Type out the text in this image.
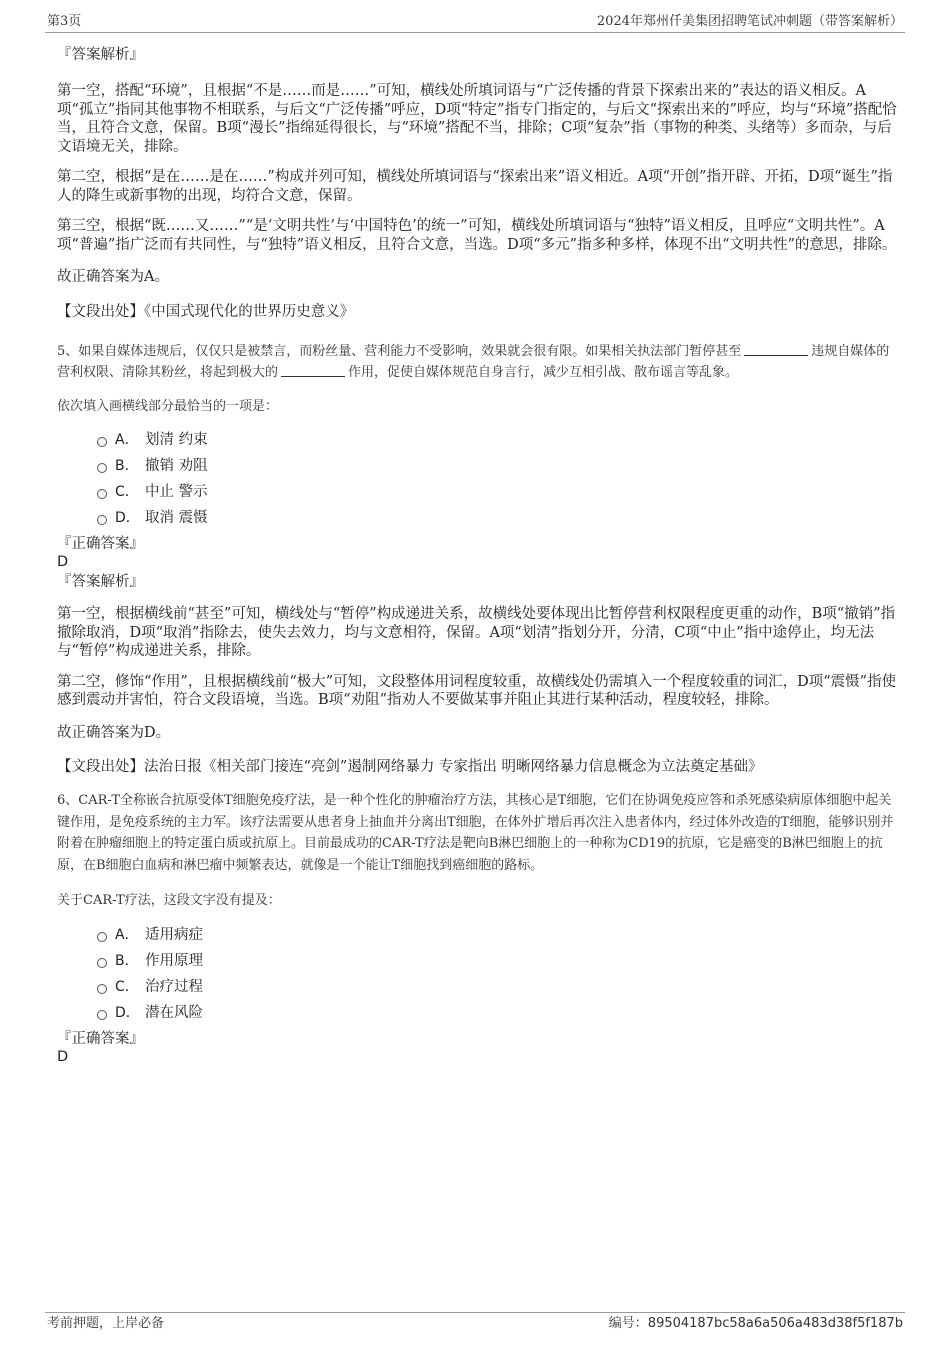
第3页	2024年郑州仟美集团招聘笔试冲刺题（带答案解析）

『答案解析』

第一空，搭配“环境”，且根据“不是……而是……”可知，横线处所填词语与“广泛传播的背景下探索出来的”表达的语义相反。A项“孤立”指同其他事物不相联系，与后文“广泛传播”呼应，D项“特定”指专门指定的，与后文“探索出来的”呼应，均与“环境”搭配恰当，且符合文意，保留。B项“漫长”指绵延得很长，与“环境”搭配不当，排除；C项“复杂”指（事物的种类、头绪等）多而杂，与后文语境无关，排除。

第二空，根据“是在……是在……”构成并列可知，横线处所填词语与“探索出来”语义相近。A项“开创”指开辟、开拓，D项“诞生”指人的降生或新事物的出现，均符合文意，保留。

第三空，根据“既……又……”“是‘文明共性’与‘中国特色’的统一”可知，横线处所填词语与“独特”语义相反，且呼应“文明共性”。A项“普遍”指广泛而有共同性，与“独特”语义相反，且符合文意，当选。D项“多元”指多种多样，体现不出“文明共性”的意思，排除。

故正确答案为A。

【文段出处】《中国式现代化的世界历史意义》

5、如果自媒体违规后，仅仅只是被禁言，而粉丝量、营利能力不受影响，效果就会很有限。如果相关执法部门暂停甚至	违规自媒体的营利权限、清除其粉丝，将起到极大的	作用，促使自媒体规范自身言行，减少互相引战、散布谣言等乱象。

依次填入画横线部分最恰当的一项是：

A． 划清 约束
B． 撤销 劝阻
C． 中止 警示
D． 取消 震慑

『正确答案』

D

『答案解析』

第一空，根据横线前“甚至”可知，横线处与“暂停”构成递进关系，故横线处要体现出比暂停营利权限程度更重的动作，B项“撤销”指撤除取消，D项“取消”指除去，使失去效力，均与文意相符，保留。A项“划清”指划分开，分清，C项“中止”指中途停止，均无法与“暂停”构成递进关系，排除。

第二空，修饰“作用”，且根据横线前“极大”可知，文段整体用词程度较重，故横线处仍需填入一个程度较重的词汇，D项“震慑”指使感到震动并害怕，符合文段语境，当选。B项“劝阻”指劝人不要做某事并阻止其进行某种活动，程度较轻，排除。

故正确答案为D。

【文段出处】法治日报《相关部门接连“亮剑”遏制网络暴力 专家指出 明晰网络暴力信息概念为立法奠定基础》

6、CAR-T全称嵌合抗原受体T细胞免疫疗法，是一种个性化的肿瘤治疗方法，其核心是T细胞，它们在协调免疫应答和杀死感染病原体细胞中起关键作用，是免疫系统的主力军。该疗法需要从患者身上抽血并分离出T细胞，在体外扩增后再次注入患者体内，经过体外改造的T细胞，能够识别并附着在肿瘤细胞上的特定蛋白质或抗原上。目前最成功的CAR-T疗法是靶向B淋巴细胞上的一种称为CD19的抗原，它是癌变的B淋巴细胞上的抗原，在B细胞白血病和淋巴瘤中频繁表达，就像是一个能让T细胞找到癌细胞的路标。

关于CAR-T疗法，这段文字没有提及：

A． 适用病症
B． 作用原理
C． 治疗过程
D． 潜在风险

『正确答案』

D

考前押题，上岸必备	编号：89504187bc58a6a506a483d38f5f187b
